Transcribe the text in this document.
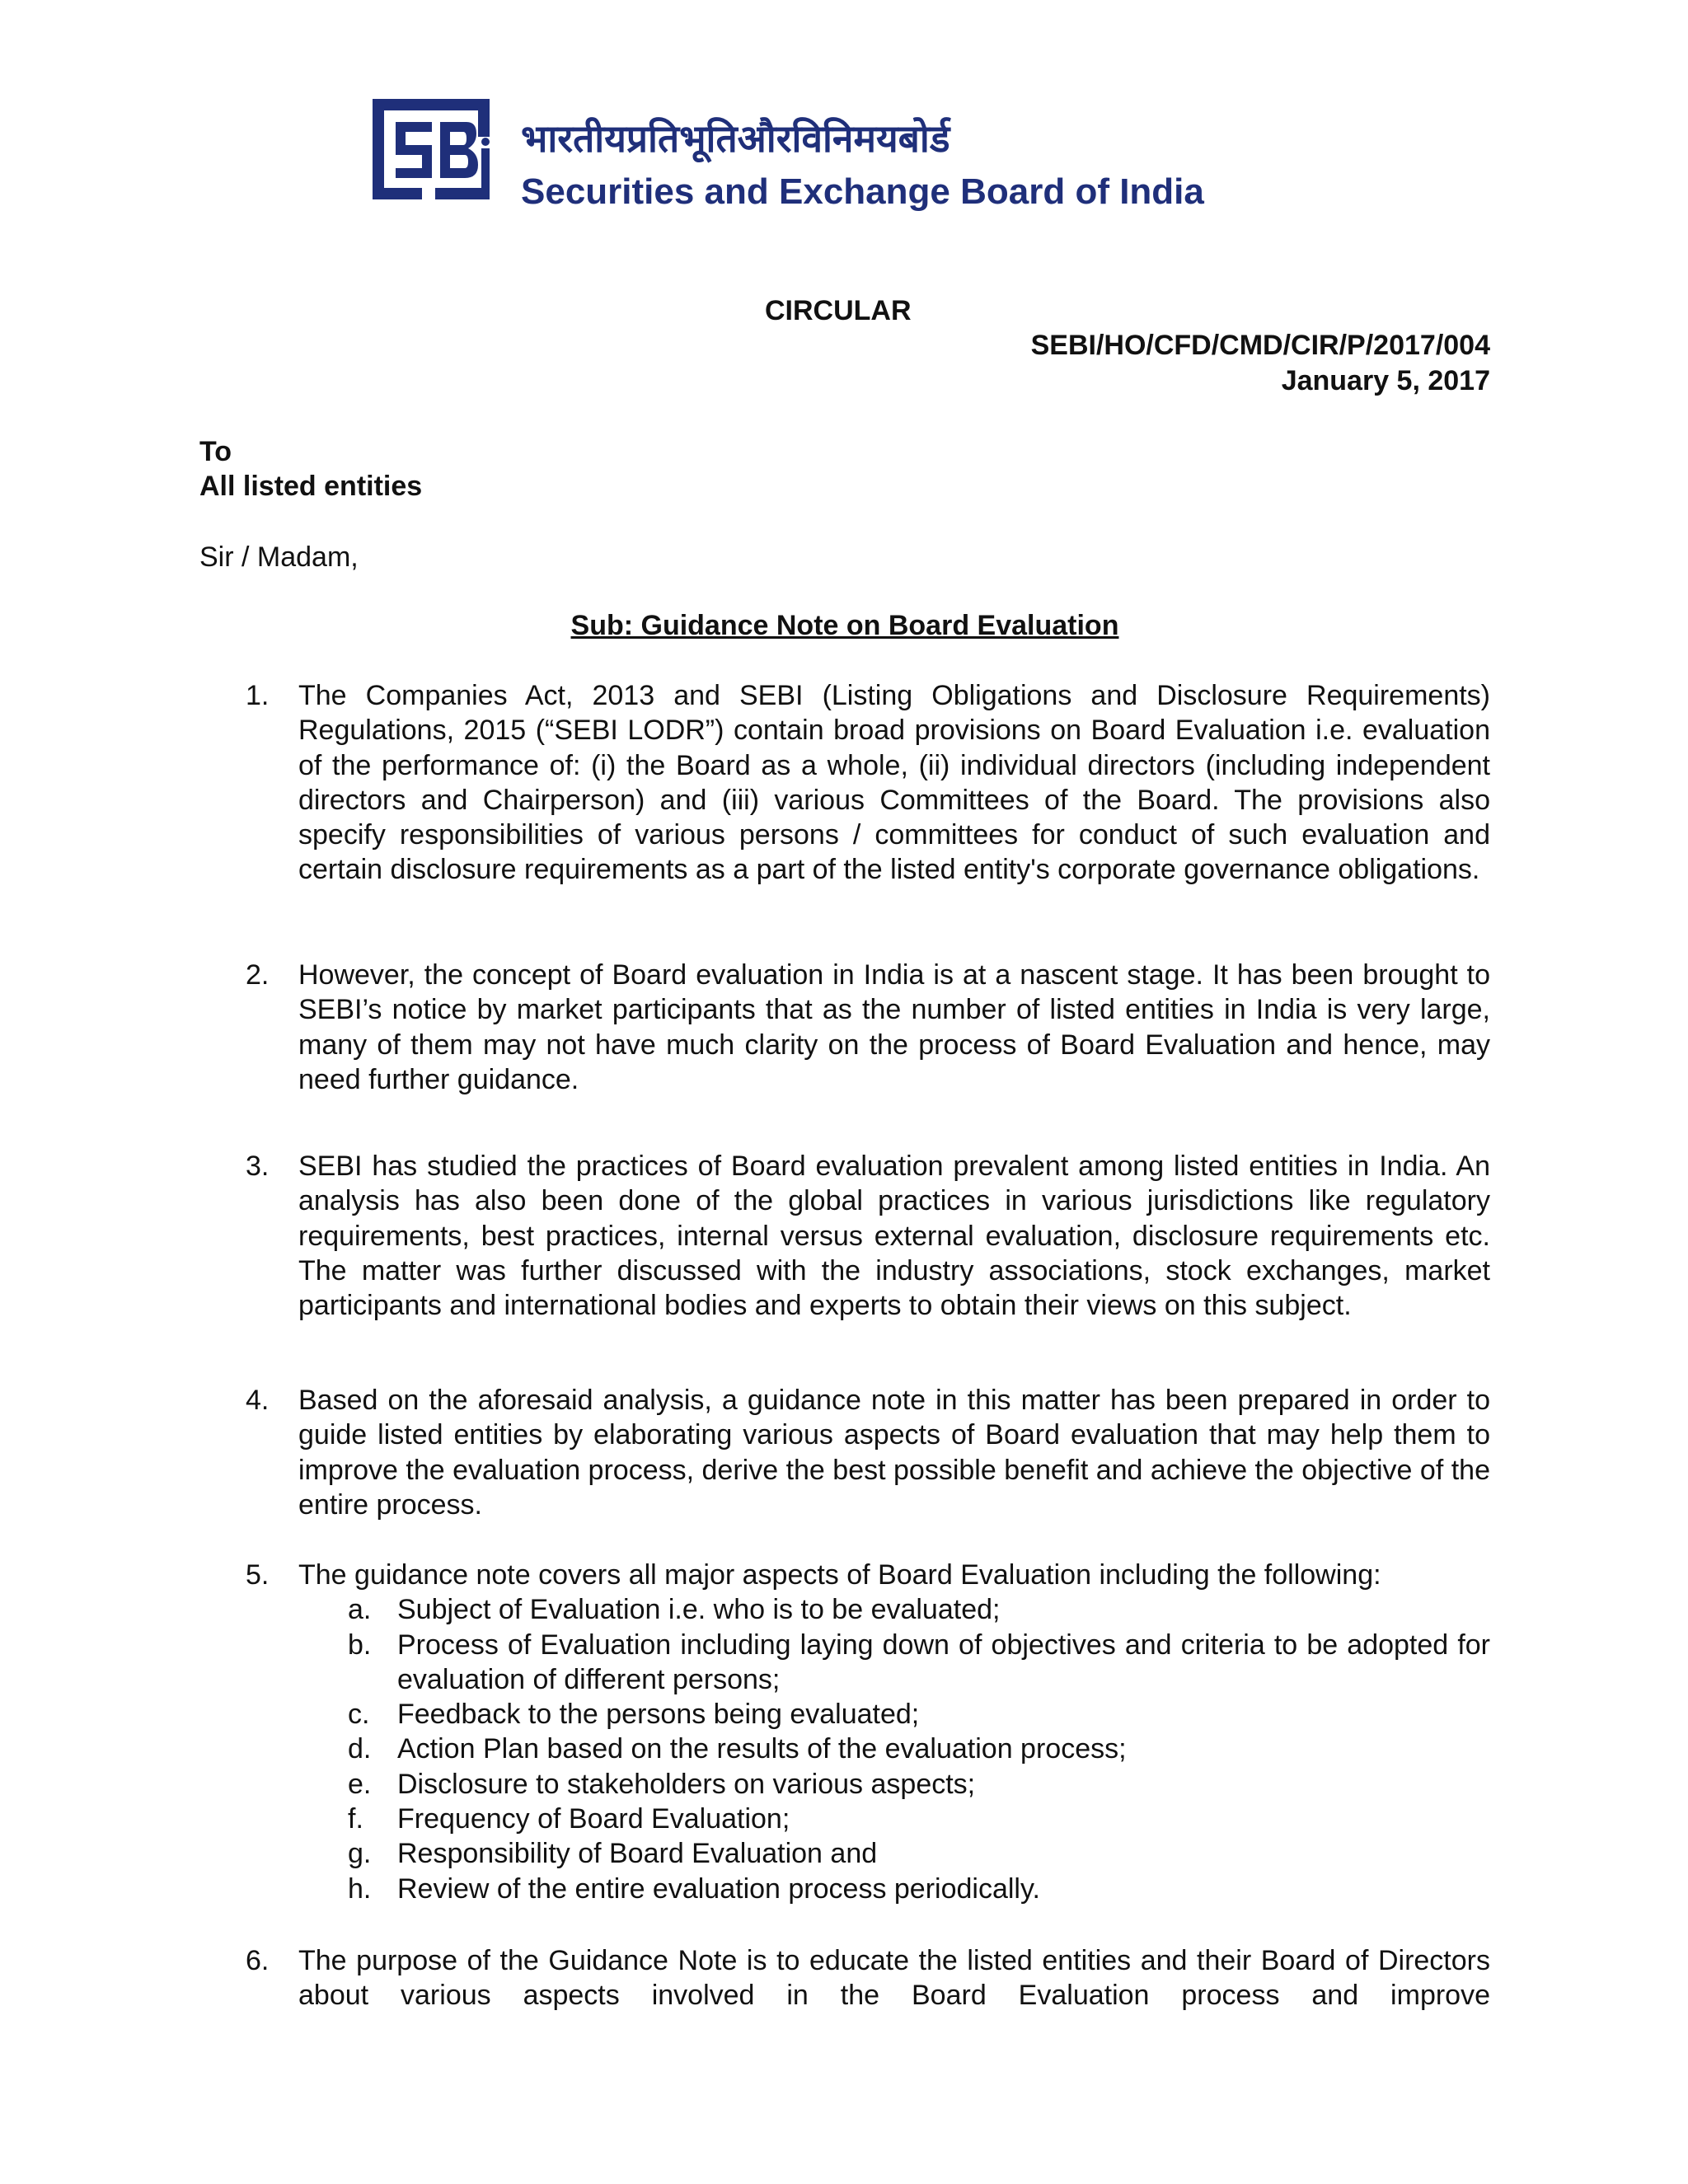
भारतीयप्रतिभूतिऔरविनिमयबोर्ड
Securities and Exchange Board of India
CIRCULAR
SEBI/HO/CFD/CMD/CIR/P/2017/004
January 5, 2017
To
All listed entities
Sir / Madam,
Sub: Guidance Note on Board Evaluation
1. The Companies Act, 2013 and SEBI (Listing Obligations and Disclosure Requirements) Regulations, 2015 (“SEBI LODR”) contain broad provisions on Board Evaluation i.e. evaluation of the performance of: (i) the Board as a whole, (ii) individual directors (including independent directors and Chairperson) and (iii) various Committees of the Board. The provisions also specify responsibilities of various persons / committees for conduct of such evaluation and certain disclosure requirements as a part of the listed entity's corporate governance obligations.
2. However, the concept of Board evaluation in India is at a nascent stage. It has been brought to SEBI’s notice by market participants that as the number of listed entities in India is very large, many of them may not have much clarity on the process of Board Evaluation and hence, may need further guidance.
3. SEBI has studied the practices of Board evaluation prevalent among listed entities in India. An analysis has also been done of the global practices in various jurisdictions like regulatory requirements, best practices, internal versus external evaluation, disclosure requirements etc. The matter was further discussed with the industry associations, stock exchanges, market participants and international bodies and experts to obtain their views on this subject.
4. Based on the aforesaid analysis, a guidance note in this matter has been prepared in order to guide listed entities by elaborating various aspects of Board evaluation that may help them to improve the evaluation process, derive the best possible benefit and achieve the objective of the entire process.
5. The guidance note covers all major aspects of Board Evaluation including the following:
a. Subject of Evaluation i.e. who is to be evaluated;
b. Process of Evaluation including laying down of objectives and criteria to be adopted for evaluation of different persons;
c. Feedback to the persons being evaluated;
d. Action Plan based on the results of the evaluation process;
e. Disclosure to stakeholders on various aspects;
f. Frequency of Board Evaluation;
g. Responsibility of Board Evaluation and
h. Review of the entire evaluation process periodically.
6. The purpose of the Guidance Note is to educate the listed entities and their Board of Directors about various aspects involved in the Board Evaluation process and improve
